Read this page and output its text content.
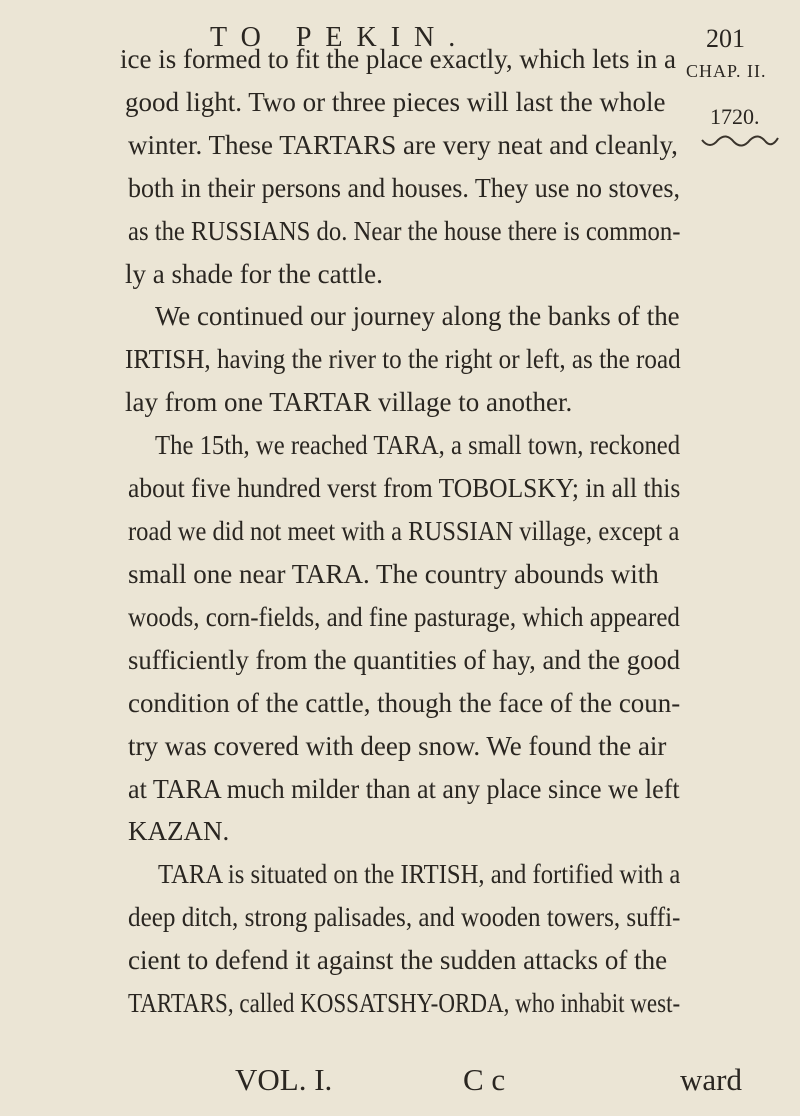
TO PEKIN.	201
CHAP. II.
1720.
ice is formed to fit the place exactly, which lets in a
good light. Two or three pieces will last the whole
winter. These TARTARS are very neat and cleanly,
both in their persons and houses. They use no stoves,
as the RUSSIANS do. Near the house there is common-
ly a shade for the cattle.
We continued our journey along the banks of the
IRTISH, having the river to the right or left, as the road
lay from one TARTAR village to another.
The 15th, we reached TARA, a small town, reckoned
about five hundred verst from TOBOLSKY; in all this
road we did not meet with a RUSSIAN village, except a
small one near TARA. The country abounds with
woods, corn-fields, and fine pasturage, which appeared
sufficiently from the quantities of hay, and the good
condition of the cattle, though the face of the coun-
try was covered with deep snow. We found the air
at TARA much milder than at any place since we left
KAZAN.
TARA is situated on the IRTISH, and fortified with a
deep ditch, strong palisades, and wooden towers, suffi-
cient to defend it against the sudden attacks of the
TARTARS, called KOSSATSHY-ORDA, who inhabit west-
VOL. I.	C c	ward
